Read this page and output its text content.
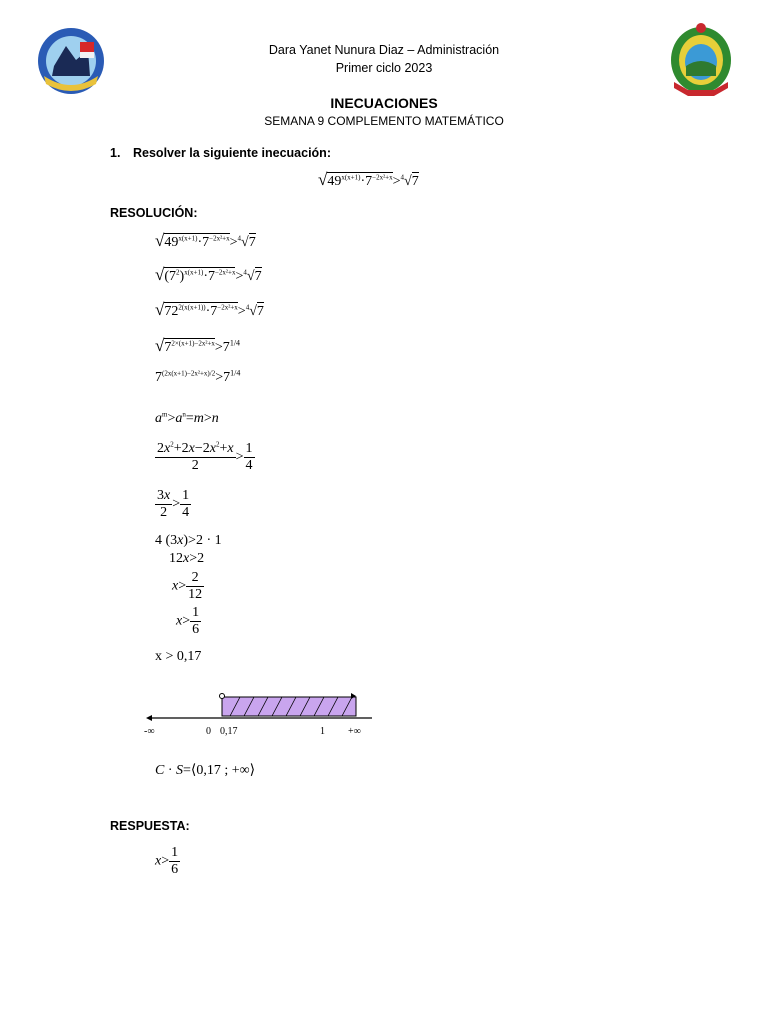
Dara Yanet Nunura Diaz – Administración
Primer ciclo 2023
INECUACIONES
SEMANA 9 COMPLEMENTO MATEMÁTICO
1. Resolver la siguiente inecuación:
$√49^{x(x+1)}\cdot 7^{-2x^2+x}>^4√7$
RESOLUCIÓN:
$√49^{x(x+1)}\cdot 7^{-2x^2+x}>^4√7$
$√(7^2)^{x(x+1)}\cdot 7^{-2x^2+x}>^4√7$
$√72^{2(x(x+1))}\cdot 7^{-2x^2+x}>^4√7$
$√7^{2\times(x+1)-2x^2+x}>7^{1/4}$
$7^{(2x(x+1)-2x^2+x)/2}>7^{1/4}$
$a^m>a^n=m>n$
$\frac{2x^2+2x-2x^2+x}{2} > \frac{1}{4}$
$\frac{3x}{2} > \frac{1}{4}$
4 (3x)>2 · 1
12x>2
$x> \frac{2}{12}$
$x> \frac{1}{6}$
x > 0,17
-∞	0 0,17	1 +∞
C · S=⟨0,17 ; +∞⟩
RESPUESTA:
$x> \frac{1}{6}$
